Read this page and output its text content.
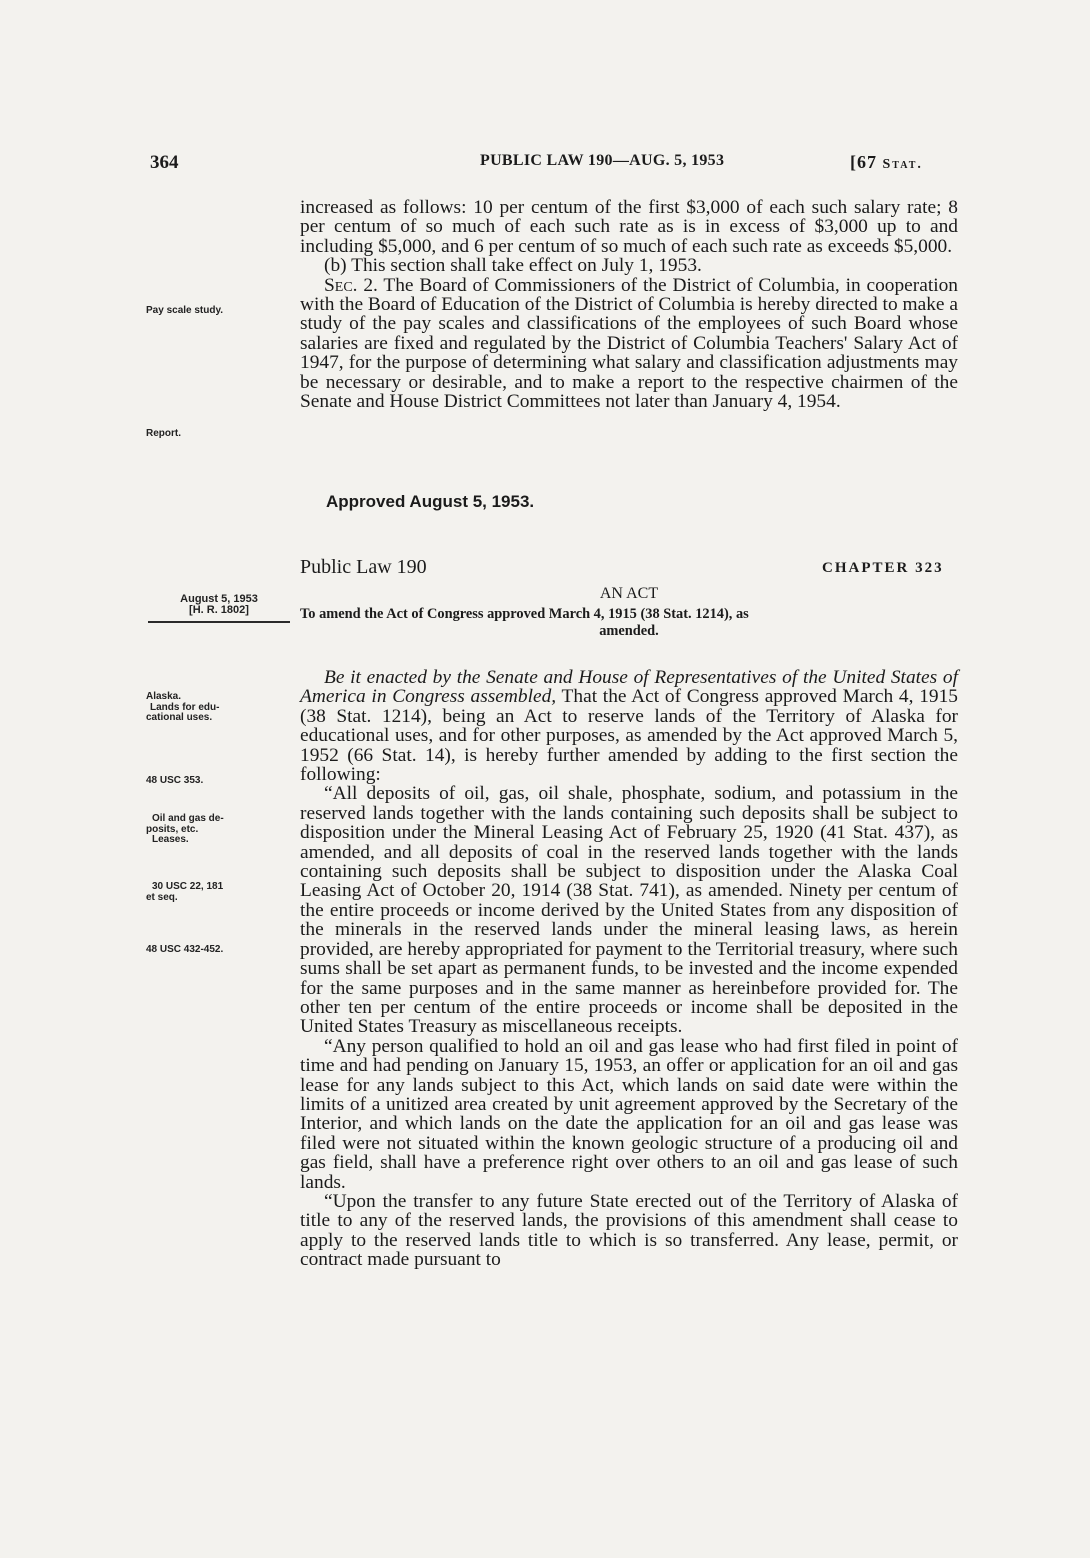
364	PUBLIC LAW 190—AUG. 5, 1953	[67 Stat.

increased as follows: 10 per centum of the first $3,000 of each such salary rate; 8 per centum of so much of each such rate as is in excess of $3,000 up to and including $5,000, and 6 per centum of so much of each such rate as exceeds $5,000.

(b) This section shall take effect on July 1, 1953.

Sec. 2. The Board of Commissioners of the District of Columbia, in cooperation with the Board of Education of the District of Columbia is hereby directed to make a study of the pay scales and classifications of the employees of such Board whose salaries are fixed and regulated by the District of Columbia Teachers' Salary Act of 1947, for the purpose of determining what salary and classification adjustments may be necessary or desirable, and to make a report to the respective chairmen of the Senate and House District Committees not later than January 4, 1954.

Approved August 5, 1953.
Public Law 190	CHAPTER 323
AN ACT
To amend the Act of Congress approved March 4, 1915 (38 Stat. 1214), as
amended.

Be it enacted by the Senate and House of Representatives of the United States of America in Congress assembled, That the Act of Congress approved March 4, 1915 (38 Stat. 1214), being an Act to reserve lands of the Territory of Alaska for educational uses, and for other purposes, as amended by the Act approved March 5, 1952 (66 Stat. 14), is hereby further amended by adding to the first section the following:

“All deposits of oil, gas, oil shale, phosphate, sodium, and potassium in the reserved lands together with the lands containing such deposits shall be subject to disposition under the Mineral Leasing Act of February 25, 1920 (41 Stat. 437), as amended, and all deposits of coal in the reserved lands together with the lands containing such deposits shall be subject to disposition under the Alaska Coal Leasing Act of October 20, 1914 (38 Stat. 741), as amended. Ninety per centum of the entire proceeds or income derived by the United States from any disposition of the minerals in the reserved lands under the mineral leasing laws, as herein provided, are hereby appropriated for payment to the Territorial treasury, where such sums shall be set apart as permanent funds, to be invested and the income expended for the same purposes and in the same manner as hereinbefore provided for. The other ten per centum of the entire proceeds or income shall be deposited in the United States Treasury as miscellaneous receipts.

“Any person qualified to hold an oil and gas lease who had first filed in point of time and had pending on January 15, 1953, an offer or application for an oil and gas lease for any lands subject to this Act, which lands on said date were within the limits of a unitized area created by unit agreement approved by the Secretary of the Interior, and which lands on the date the application for an oil and gas lease was filed were not situated within the known geologic structure of a producing oil and gas field, shall have a preference right over others to an oil and gas lease of such lands.

“Upon the transfer to any future State erected out of the Territory of Alaska of title to any of the reserved lands, the provisions of this amendment shall cease to apply to the reserved lands title to which is so transferred. Any lease, permit, or contract made pursuant to

Pay scale study.
Report.
August 5, 1953
[H. R. 1802]
Alaska.
Lands for edu-
cational uses.
48 USC 353.
Oil and gas de-
posits, etc.
Leases.
30 USC 22, 181
et seq.
48 USC 432-452.
